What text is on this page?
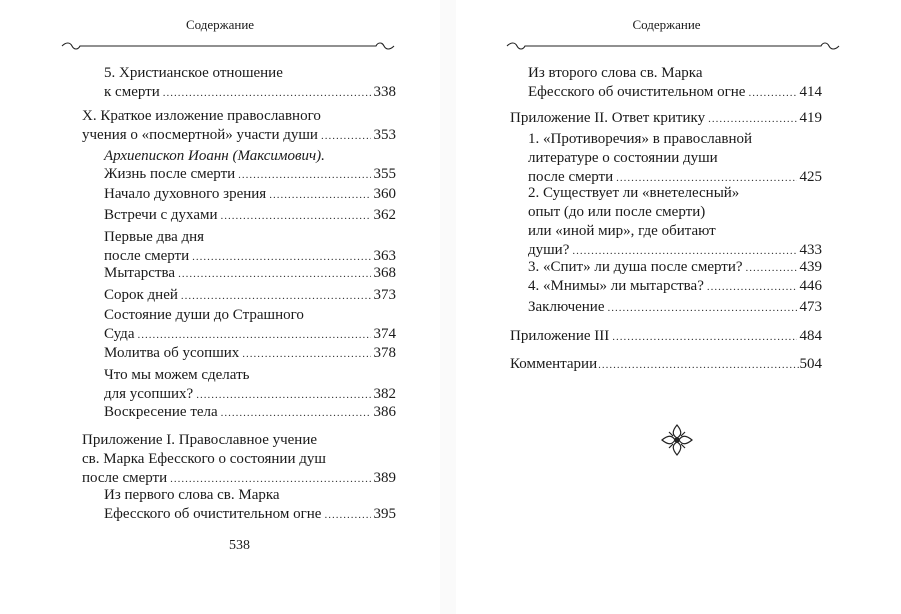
Содержание
5. Христианское отношение
к смерти .....	338
X. Краткое изложение православного
учения о «посмертной» участи души .....	353
Архиепископ Иоанн (Максимович).
Жизнь после смерти .....	355
Начало духовного зрения .....	360
Встречи с духами .....	362
Первые два дня
после смерти .....	363
Мытарства .....	368
Сорок дней .....	373
Состояние души до Страшного
Суда .....	374
Молитва об усопших .....	378
Что мы можем сделать
для усопших? .....	382
Воскресение тела .....	386
Приложение I. Православное учение
св. Марка Ефесского о состоянии душ
после смерти .....	389
Из первого слова св. Марка
Ефесского об очистительном огне .....	395
538
Содержание
Из второго слова св. Марка
Ефесского об очистительном огне .....	414
Приложение II. Ответ критику .....	419
1. «Противоречия» в православной
литературе о состоянии души
после смерти .....	425
2. Существует ли «внетелесный»
опыт (до или после смерти)
или «иной мир», где обитают
души? .....	433
3. «Спит» ли душа после смерти? .....	439
4. «Мнимы» ли мытарства? .....	446
Заключение .....	473
Приложение III .....	484
Комментарии .....	504
